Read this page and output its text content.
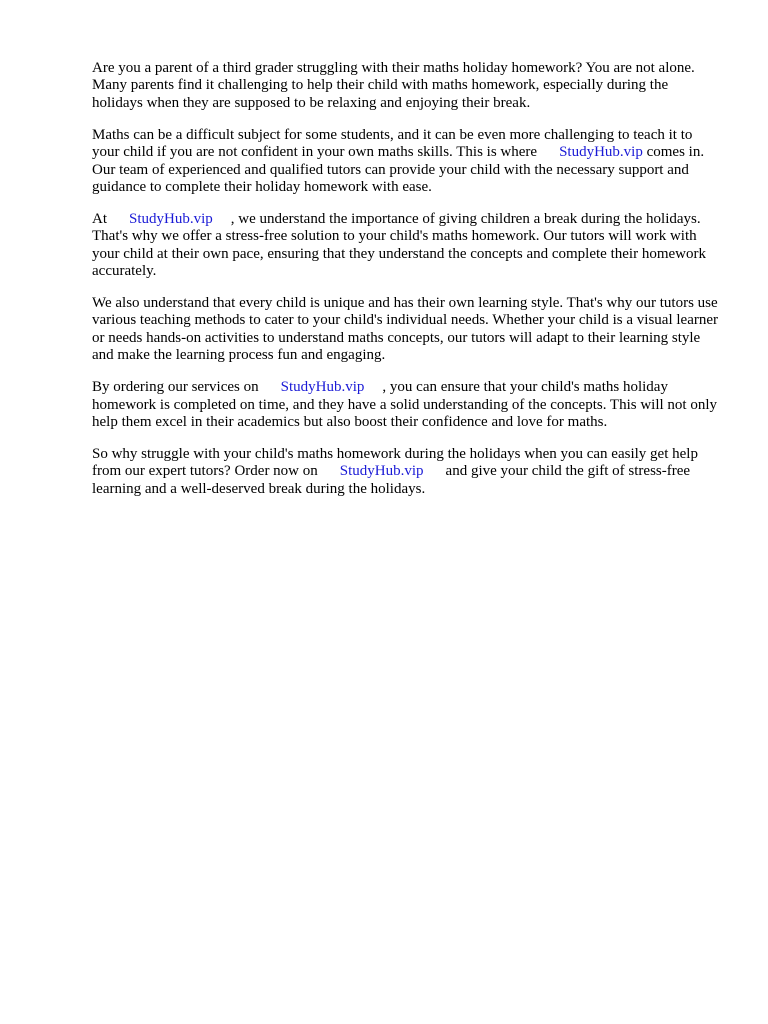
Are you a parent of a third grader struggling with their maths holiday homework? You are not alone. Many parents find it challenging to help their child with maths homework, especially during the holidays when they are supposed to be relaxing and enjoying their break.

Maths can be a difficult subject for some students, and it can be even more challenging to teach it to your child if you are not confident in your own maths skills. This is where StudyHub.vip comes in. Our team of experienced and qualified tutors can provide your child with the necessary support and guidance to complete their holiday homework with ease.

At StudyHub.vip , we understand the importance of giving children a break during the holidays. That's why we offer a stress-free solution to your child's maths homework. Our tutors will work with your child at their own pace, ensuring that they understand the concepts and complete their homework accurately.

We also understand that every child is unique and has their own learning style. That's why our tutors use various teaching methods to cater to your child's individual needs. Whether your child is a visual learner or needs hands-on activities to understand maths concepts, our tutors will adapt to their learning style and make the learning process fun and engaging.

By ordering our services on StudyHub.vip , you can ensure that your child's maths holiday homework is completed on time, and they have a solid understanding of the concepts. This will not only help them excel in their academics but also boost their confidence and love for maths.

So why struggle with your child's maths homework during the holidays when you can easily get help from our expert tutors? Order now on StudyHub.vip and give your child the gift of stress-free learning and a well-deserved break during the holidays.
